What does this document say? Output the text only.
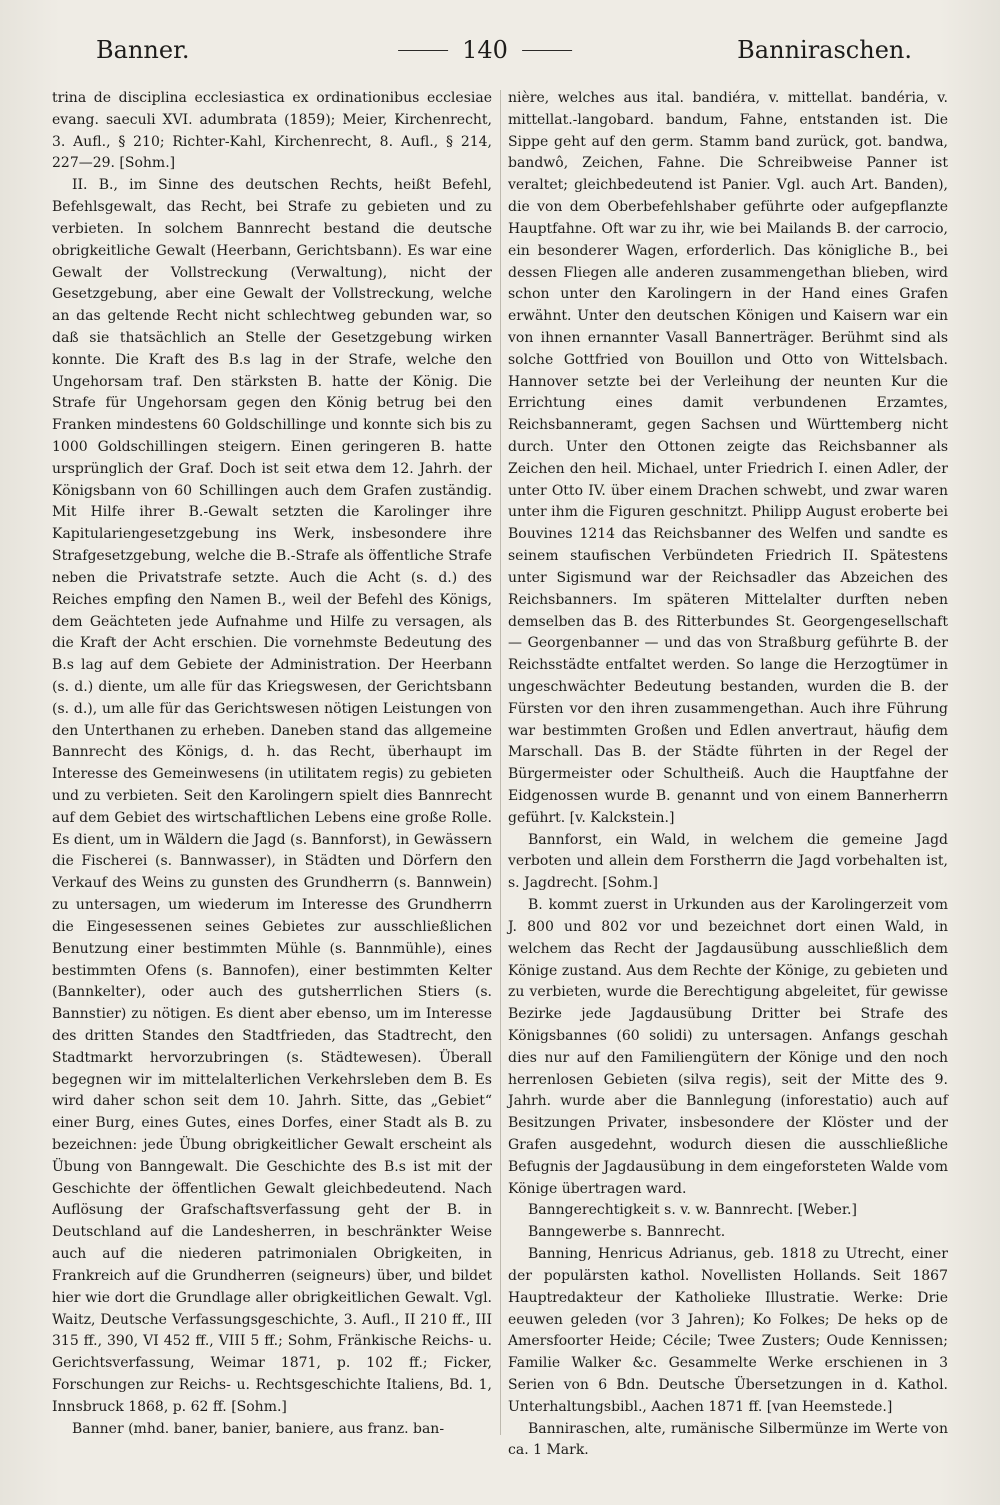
Banner.	140	Bannirasϲhen.

trina de disciplina ecclesiastica ex ordinationibus ecclesiae evang. saeculi XVI. adumbrata (1859); Meier, Kirchenrecht, 3. Aufl., § 210; Richter-Kahl, Kirchenrecht, 8. Aufl., § 214, 227—29. [Sohm.]

II. B., im Sinne des deutschen Rechts, heißt Befehl, Befehlsgewalt, das Recht, bei Strafe zu gebieten und zu verbieten. In solchem Bannrecht bestand die deutsche obrigkeitliche Gewalt (Heerbann, Gerichtsbann). Es war eine Gewalt der Vollstreckung (Verwaltung), nicht der Gesetzgebung, aber eine Gewalt der Vollstreckung, welche an das geltende Recht nicht schlechtweg gebunden war, so daß sie thatsächlich an Stelle der Gesetzgebung wirken konnte. Die Kraft des B.s lag in der Strafe, welche den Ungehorsam traf. Den stärksten B. hatte der König. Die Strafe für Ungehorsam gegen den König betrug bei den Franken mindestens 60 Goldschillinge und konnte sich bis zu 1000 Goldschillingen steigern. Einen geringeren B. hatte ursprünglich der Graf. Doch ist seit etwa dem 12. Jahrh. der Königsbann von 60 Schillingen auch dem Grafen zuständig. Mit Hilfe ihrer B.-Gewalt setzten die Karolinger ihre Kapitulariengesetzgebung ins Werk, insbesondere ihre Strafgesetzgebung, welche die B.-Strafe als öffentliche Strafe neben die Privatstrafe setzte. Auch die Acht (s. d.) des Reiches empfing den Namen B., weil der Befehl des Königs, dem Geächteten jede Aufnahme und Hilfe zu versagen, als die Kraft der Acht erschien. Die vornehmste Bedeutung des B.s lag auf dem Gebiete der Administration. Der Heerbann (s. d.) diente, um alle für das Kriegswesen, der Gerichtsbann (s. d.), um alle für das Gerichtswesen nötigen Leistungen von den Unterthanen zu erheben. Daneben stand das allgemeine Bannrecht des Königs, d. h. das Recht, überhaupt im Interesse des Gemeinwesens (in utilitatem regis) zu gebieten und zu verbieten. Seit den Karolingern spielt dies Bannrecht auf dem Gebiet des wirtschaftlichen Lebens eine große Rolle. Es dient, um in Wäldern die Jagd (s. Bannforst), in Gewässern die Fischerei (s. Bannwasser), in Städten und Dörfern den Verkauf des Weins zu gunsten des Grundherrn (s. Bannwein) zu untersagen, um wiederum im Interesse des Grundherrn die Eingesessenen seines Gebietes zur ausschließlichen Benutzung einer bestimmten Mühle (s. Bannmühle), eines bestimmten Ofens (s. Bannofen), einer bestimmten Kelter (Bannkelter), oder auch des gutsherrlichen Stiers (s. Bannstier) zu nötigen. Es dient aber ebenso, um im Interesse des dritten Standes den Stadtfrieden, das Stadtrecht, den Stadtmarkt hervorzubringen (s. Städtewesen). Überall begegnen wir im mittelalterlichen Verkehrsleben dem B. Es wird daher schon seit dem 10. Jahrh. Sitte, das „Gebiet“ einer Burg, eines Gutes, eines Dorfes, einer Stadt als B. zu bezeichnen: jede Übung obrigkeitlicher Gewalt erscheint als Übung von Banngewalt. Die Geschichte des B.s ist mit der Geschichte der öffentlichen Gewalt gleichbedeutend. Nach Auflösung der Grafschaftsverfassung geht der B. in Deutschland auf die Landesherren, in beschränkter Weise auch auf die niederen patrimonialen Obrigkeiten, in Frankreich auf die Grundherren (seigneurs) über, und bildet hier wie dort die Grundlage aller obrigkeitlichen Gewalt. Vgl. Waitz, Deutsche Verfassungsgeschichte, 3. Aufl., II 210 ff., III 315 ff., 390, VI 452 ff., VIII 5 ff.; Sohm, Fränkische Reichs- u. Gerichtsverfassung, Weimar 1871, p. 102 ff.; Ficker, Forschungen zur Reichs- u. Rechtsgeschichte Italiens, Bd. 1, Innsbruck 1868, p. 62 ff. [Sohm.]

Banner (mhd. baner, banier, baniere, aus franz. ban-

nière, welches aus ital. bandiéra, v. mittellat. bandéria, v. mittellat.-langobard. bandum, Fahne, entstanden ist. Die Sippe geht auf den germ. Stamm band zurück, got. bandwa, bandwô, Zeichen, Fahne. Die Schreibweise Panner ist veraltet; gleichbedeutend ist Panier. Vgl. auch Art. Banden), die von dem Oberbefehlshaber geführte oder aufgepflanzte Hauptfahne. Oft war zu ihr, wie bei Mailands B. der carrocio, ein besonderer Wagen, erforderlich. Das königliche B., bei dessen Fliegen alle anderen zusammengethan blieben, wird schon unter den Karolingern in der Hand eines Grafen erwähnt. Unter den deutschen Königen und Kaisern war ein von ihnen ernannter Vasall Bannerträger. Berühmt sind als solche Gottfried von Bouillon und Otto von Wittelsbach. Hannover setzte bei der Verleihung der neunten Kur die Errichtung eines damit verbundenen Erzamtes, Reichsbanneramt, gegen Sachsen und Württemberg nicht durch. Unter den Ottonen zeigte das Reichsbanner als Zeichen den heil. Michael, unter Friedrich I. einen Adler, der unter Otto IV. über einem Drachen schwebt, und zwar waren unter ihm die Figuren geschnitzt. Philipp August eroberte bei Bouvines 1214 das Reichsbanner des Welfen und sandte es seinem staufischen Verbündeten Friedrich II. Spätestens unter Sigismund war der Reichsadler das Abzeichen des Reichsbanners. Im späteren Mittelalter durften neben demselben das B. des Ritterbundes St. Georgengesellschaft — Georgenbanner — und das von Straßburg geführte B. der Reichsstädte entfaltet werden. So lange die Herzogtümer in ungeschwächter Bedeutung bestanden, wurden die B. der Fürsten vor den ihren zusammengethan. Auch ihre Führung war bestimmten Großen und Edlen anvertraut, häufig dem Marschall. Das B. der Städte führten in der Regel der Bürgermeister oder Schultheiß. Auch die Hauptfahne der Eidgenossen wurde B. genannt und von einem Bannerherrn geführt. [v. Kalckstein.]

Bannforst, ein Wald, in welchem die gemeine Jagd verboten und allein dem Forstherrn die Jagd vorbehalten ist, s. Jagdrecht. [Sohm.]

B. kommt zuerst in Urkunden aus der Karolingerzeit vom J. 800 und 802 vor und bezeichnet dort einen Wald, in welchem das Recht der Jagdausübung ausschließlich dem Könige zustand. Aus dem Rechte der Könige, zu gebieten und zu verbieten, wurde die Berechtigung abgeleitet, für gewisse Bezirke jede Jagdausübung Dritter bei Strafe des Königsbannes (60 solidi) zu untersagen. Anfangs geschah dies nur auf den Familiengütern der Könige und den noch herrenlosen Gebieten (silva regis), seit der Mitte des 9. Jahrh. wurde aber die Bannlegung (inforestatio) auch auf Besitzungen Privater, insbesondere der Klöster und der Grafen ausgedehnt, wodurch diesen die ausschließliche Befugnis der Jagdausübung in dem eingeforsteten Walde vom Könige übertragen ward.

Banngerechtigkeit s. v. w. Bannrecht. [Weber.]

Banngewerbe s. Bannrecht.

Banning, Henricus Adrianus, geb. 1818 zu Utrecht, einer der populärsten kathol. Novellisten Hollands. Seit 1867 Hauptredakteur der Katholieke Illustratie. Werke: Drie eeuwen geleden (vor 3 Jahren); Ko Folkes; De heks op de Amersfoorter Heide; Cécile; Twee Zusters; Oude Kennissen; Familie Walker &c. Gesammelte Werke erschienen in 3 Serien von 6 Bdn. Deutsche Übersetzungen in d. Kathol. Unterhaltungsbibl., Aachen 1871 ff. [van Heemstede.]

Bannirasϲhen, alte, rumänische Silbermünze im Werte von ca. 1 Mark.
